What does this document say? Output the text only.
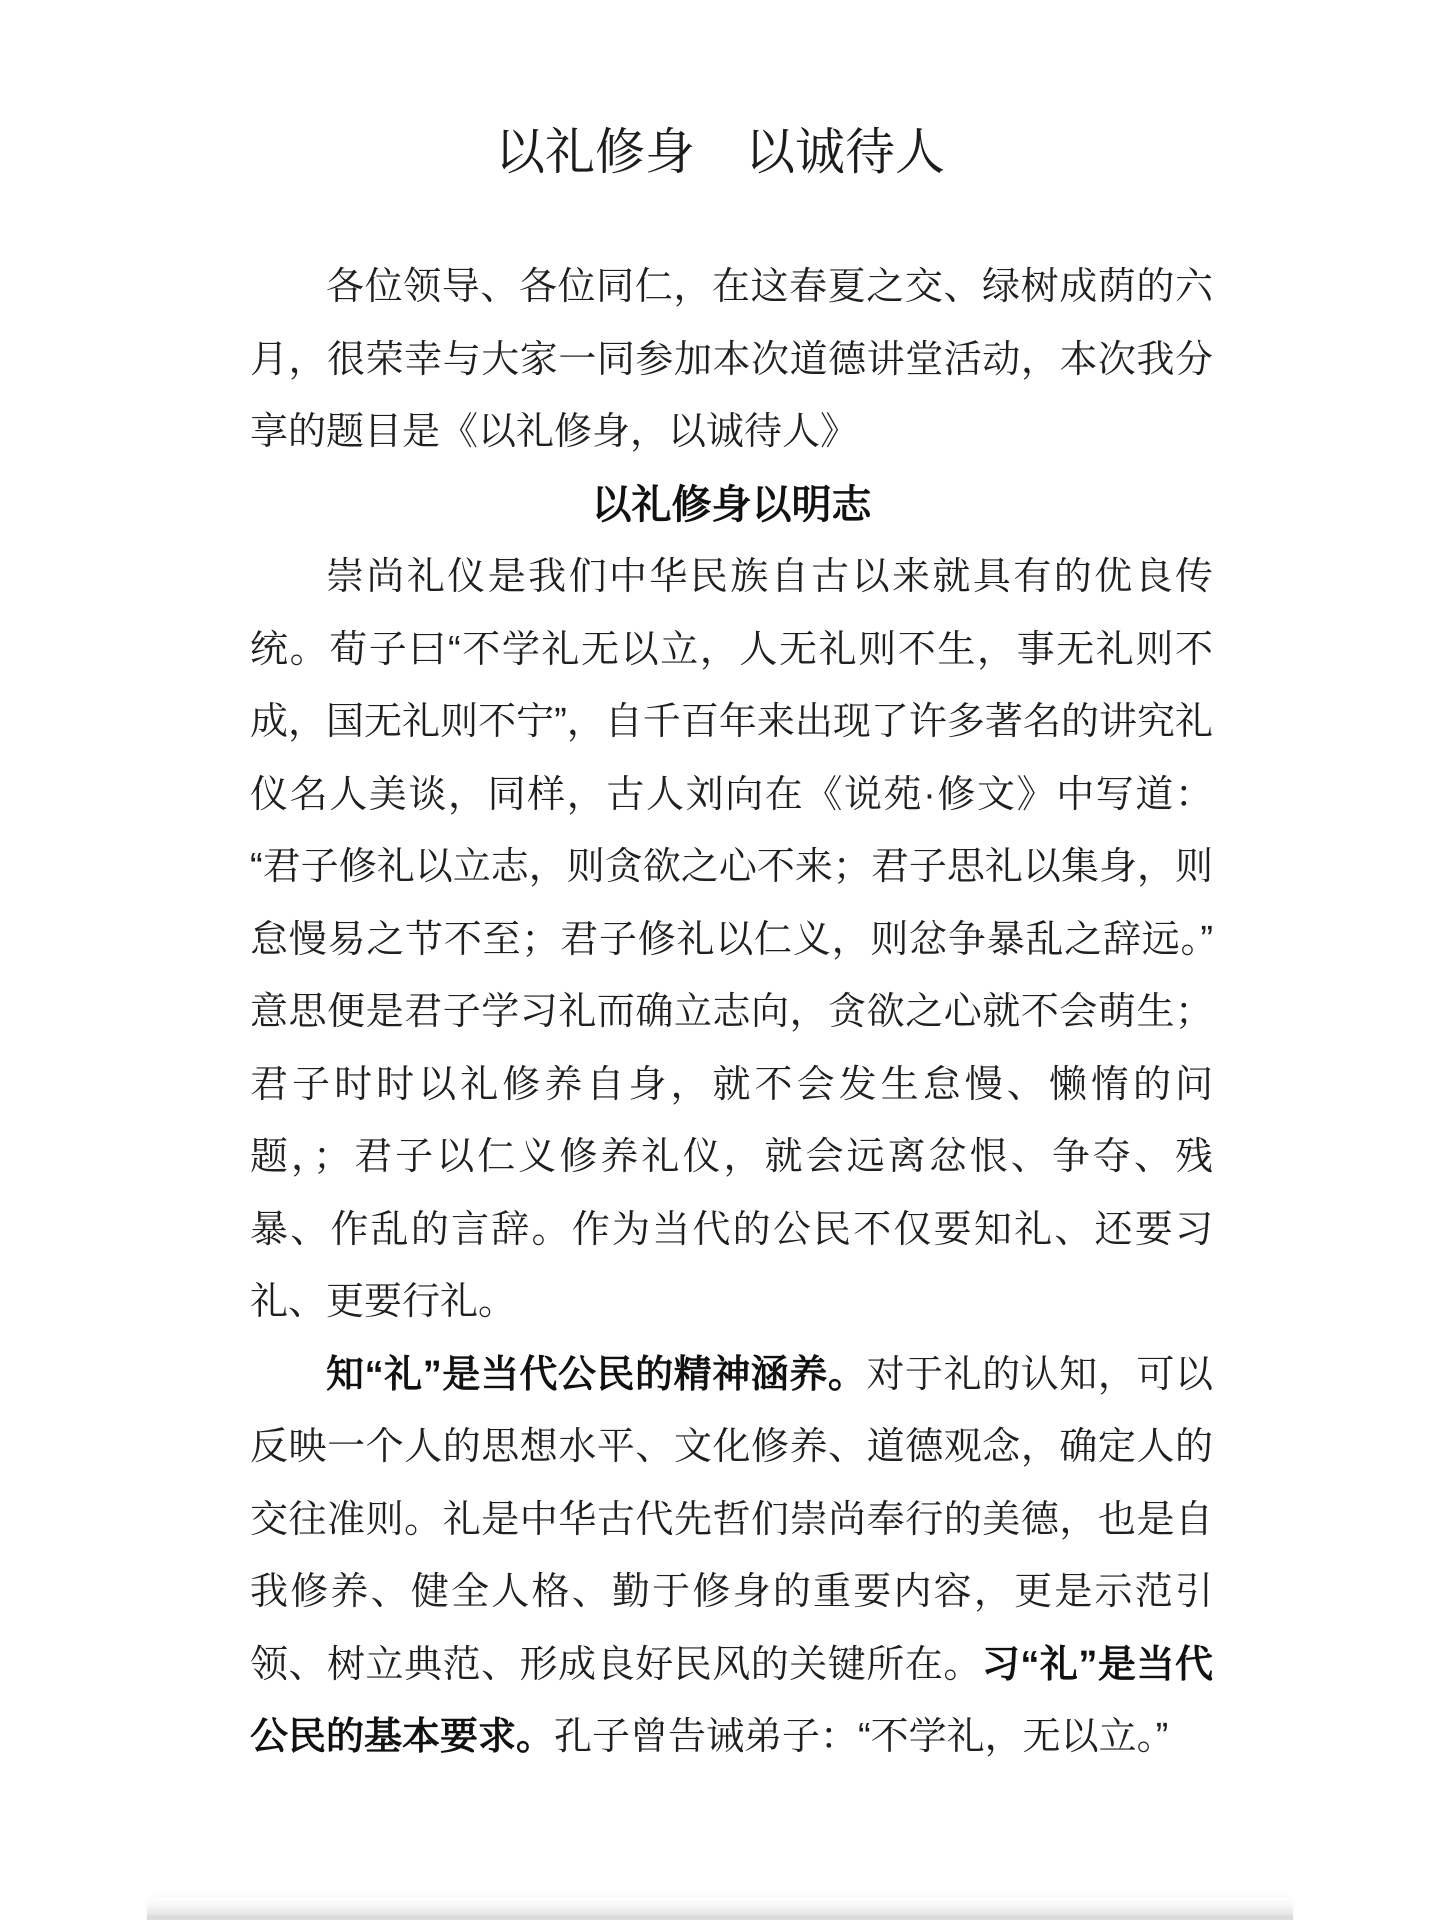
以礼修身　以诚待人
各位领导、各位同仁，在这春夏之交、绿树成荫的六
月，很荣幸与大家一同参加本次道德讲堂活动，本次我分
享的题目是《以礼修身，以诚待人》
以礼修身以明志
崇尚礼仪是我们中华民族自古以来就具有的优良传
统。荀子曰“不学礼无以立，人无礼则不生，事无礼则不
成，国无礼则不宁”，自千百年来出现了许多著名的讲究礼
仪名人美谈，同样，古人刘向在《说苑·修文》中写道：
“君子修礼以立志，则贪欲之心不来；君子思礼以集身，则
怠慢易之节不至；君子修礼以仁义，则忿争暴乱之辞远。”
意思便是君子学习礼而确立志向，贪欲之心就不会萌生；
君子时时以礼修养自身，就不会发生怠慢、懒惰的问
题，；君子以仁义修养礼仪，就会远离忿恨、争夺、残
暴、作乱的言辞。作为当代的公民不仅要知礼、还要习
礼、更要行礼。
知“礼”是当代公民的精神涵养。对于礼的认知，可以
反映一个人的思想水平、文化修养、道德观念，确定人的
交往准则。礼是中华古代先哲们崇尚奉行的美德，也是自
我修养、健全人格、勤于修身的重要内容，更是示范引
领、树立典范、形成良好民风的关键所在。习“礼”是当代
公民的基本要求。孔子曾告诫弟子：“不学礼，无以立。”
